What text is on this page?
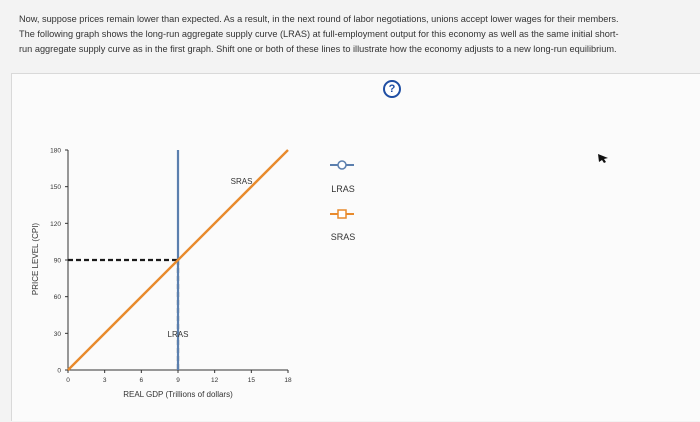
Now, suppose prices remain lower than expected. As a result, in the next round of labor negotiations, unions accept lower wages for their members.

The following graph shows the long-run aggregate supply curve (LRAS) at full-employment output for this economy as well as the same initial short-

run aggregate supply curve as in the first graph. Shift one or both of these lines to illustrate how the economy adjusts to a new long-run equilibrium.

?
0
30
60
90
120
150
180
0	3	6	9	12	15	18
PRICE LEVEL (CPI)
REAL GDP (Trillions of dollars)
LRAS
SRAS
LRAS
SRAS
